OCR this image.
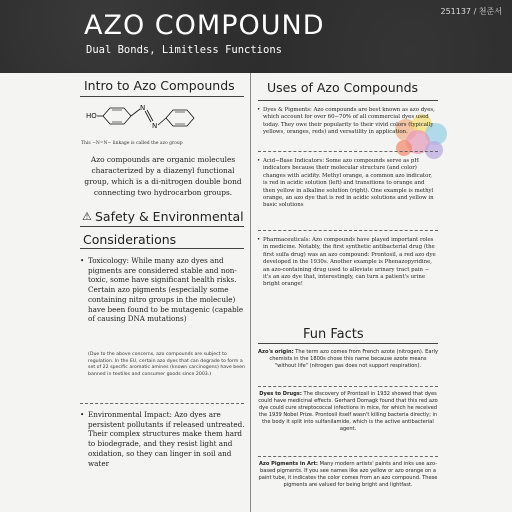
AZO COMPOUND
Dual Bonds, Limitless Functions
251137 / 천준서
Intro to Azo Compounds
HO
N
N
This −N=N− linkage is called the azo group
Azo compounds are organic molecules characterized by a diazenyl functional group, which is a di-nitrogen double bond connecting two hydrocarbon groups.
⚠ Safety & Environmental
Considerations
• Toxicology: While many azo dyes and pigments are considered stable and non-toxic, some have significant health risks. Certain azo pigments (especially some containing nitro groups in the molecule) have been found to be mutagenic (capable of causing DNA mutations)
(Due to the above concerns, azo compounds are subject to regulation. In the EU, certain azo dyes that can degrade to form a set of 22 specific aromatic amines (known carcinogens) have been banned in textiles and consumer goods since 2003.)
• Environmental Impact: Azo dyes are persistent pollutants if released untreated. Their complex structures make them hard to biodegrade, and they resist light and oxidation, so they can linger in soil and water
Uses of Azo Compounds
• Dyes & Pigments: Azo compounds are best known as azo dyes, which account for over 60−70% of all commercial dyes used today. They owe their popularity to their vivid colors (typically yellows, oranges, reds) and versatility in application.
• Acid−Base Indicators: Some azo compounds serve as pH indicators because their molecular structure (and color) changes with acidity. Methyl orange, a common azo indicator, is red in acidic solution (left) and transitions to orange and then yellow in alkaline solution (right). One example is methyl orange, an azo dye that is red in acidic solutions and yellow in basic solutions
• Pharmaceuticals: Azo compounds have played important roles in medicine. Notably, the first synthetic antibacterial drug (the first sulfa drug) was an azo compound: Prontosil, a red azo dye developed in the 1930s. Another example is Phenazopyridine, an azo-containing drug used to alleviate urinary tract pain − it's an azo dye that, interestingly, can turn a patient's urine bright orange!
Fun Facts
Azo's origin: The term azo comes from French azote (nitrogen). Early chemists in the 1800s chose this name because azote means "without life" (nitrogen gas does not support respiration).
Dyes to Drugs: The discovery of Prontosil in 1932 showed that dyes could have medicinal effects. Gerhard Domagk found that this red azo dye could cure streptococcal infections in mice, for which he received the 1939 Nobel Prize. Prontosil itself wasn't killing bacteria directly; in the body it split into sulfanilamide, which is the active antibacterial agent.
Azo Pigments in Art: Many modern artists' paints and inks use azo-based pigments. If you see names like azo yellow or azo orange on a paint tube, it indicates the color comes from an azo compound. These pigments are valued for being bright and lightfast.
